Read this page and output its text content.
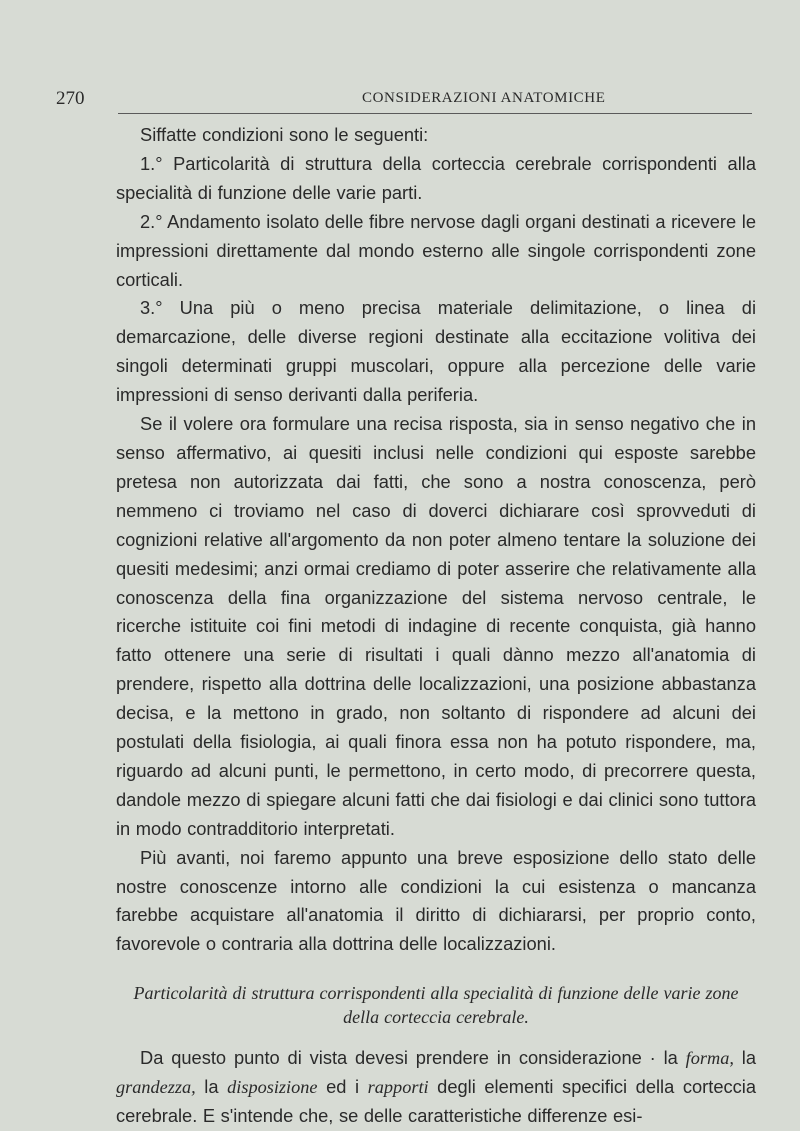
270	CONSIDERAZIONI ANATOMICHE

Siffatte condizioni sono le seguenti:

1.° Particolarità di struttura della corteccia cerebrale corrispondenti alla specialità di funzione delle varie parti.

2.° Andamento isolato delle fibre nervose dagli organi destinati a ricevere le impressioni direttamente dal mondo esterno alle singole corrispondenti zone corticali.

3.° Una più o meno precisa materiale delimitazione, o linea di demarcazione, delle diverse regioni destinate alla eccitazione volitiva dei singoli determinati gruppi muscolari, oppure alla percezione delle varie impressioni di senso derivanti dalla periferia.

Se il volere ora formulare una recisa risposta, sia in senso negativo che in senso affermativo, ai quesiti inclusi nelle condizioni qui esposte sarebbe pretesa non autorizzata dai fatti, che sono a nostra conoscenza, però nemmeno ci troviamo nel caso di doverci dichiarare così sprovveduti di cognizioni relative all'argomento da non poter almeno tentare la soluzione dei quesiti medesimi; anzi ormai crediamo di poter asserire che relativamente alla conoscenza della fina organizzazione del sistema nervoso centrale, le ricerche istituite coi fini metodi di indagine di recente conquista, già hanno fatto ottenere una serie di risultati i quali dànno mezzo all'anatomia di prendere, rispetto alla dottrina delle localizzazioni, una posizione abbastanza decisa, e la mettono in grado, non soltanto di rispondere ad alcuni dei postulati della fisiologia, ai quali finora essa non ha potuto rispondere, ma, riguardo ad alcuni punti, le permettono, in certo modo, di precorrere questa, dandole mezzo di spiegare alcuni fatti che dai fisiologi e dai clinici sono tuttora in modo contradditorio interpretati.

Più avanti, noi faremo appunto una breve esposizione dello stato delle nostre conoscenze intorno alle condizioni la cui esistenza o mancanza farebbe acquistare all'anatomia il diritto di dichiararsi, per proprio conto, favorevole o contraria alla dottrina delle localizzazioni.

Particolarità di struttura corrispondenti alla specialità di funzione delle varie zone della corteccia cerebrale.

Da questo punto di vista devesi prendere in considerazione · la forma, la grandezza, la disposizione ed i rapporti degli elementi specifici della corteccia cerebrale. E s'intende che, se delle caratteristiche differenze esi-
